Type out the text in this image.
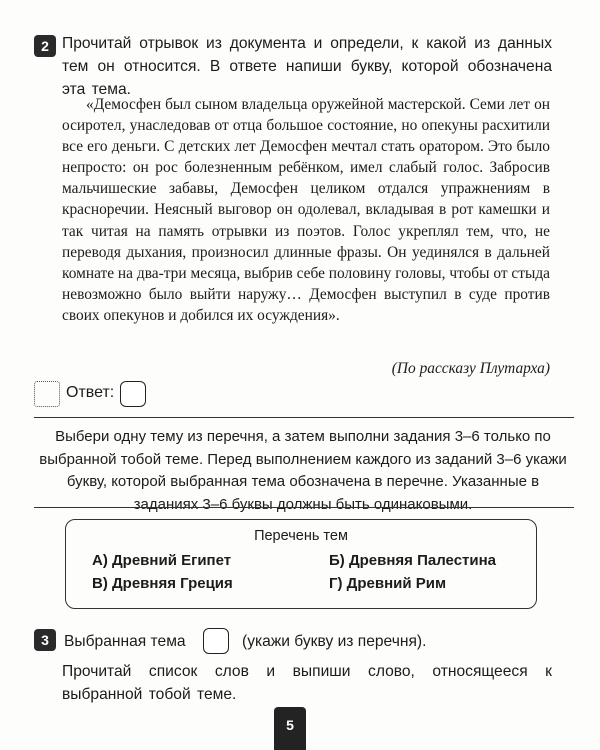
2 Прочитай отрывок из документа и определи, к какой из данных тем он относится. В ответе напиши букву, которой обозначена эта тема.
«Демосфен был сыном владельца оружейной мастерской. Семи лет он осиротел, унаследовав от отца большое состояние, но опекуны расхитили все его деньги. С детских лет Демосфен мечтал стать оратором. Это было непросто: он рос болезненным ребёнком, имел слабый голос. Забросив мальчишеские забавы, Демосфен целиком отдался упражнениям в красноречии. Неясный выговор он одолевал, вкладывая в рот камешки и так читая на память отрывки из поэтов. Голос укреплял тем, что, не переводя дыхания, произносил длинные фразы. Он уединялся в дальней комнате на два-три месяца, выбрив себе половину головы, чтобы от стыда невозможно было выйти наружу… Демосфен выступил в суде против своих опекунов и добился их осуждения».
(По рассказу Плутарха)
Ответ:
Выбери одну тему из перечня, а затем выполни задания 3–6 только по выбранной тобой теме. Перед выполнением каждого из заданий 3–6 укажи букву, которой выбранная тема обозначена в перечне. Указанные в заданиях 3–6 буквы должны быть одинаковыми.
Перечень тем
А) Древний Египет	Б) Древняя Палестина
В) Древняя Греция	Г) Древний Рим
3 Выбранная тема	(укажи букву из перечня).
Прочитай список слов и выпиши слово, относящееся к выбранной тобой теме.
5
